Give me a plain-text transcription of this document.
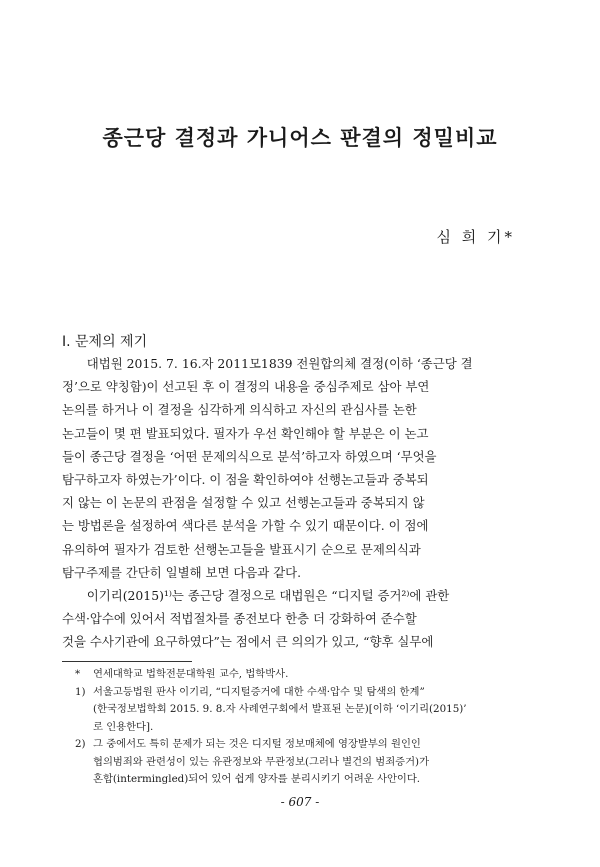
종근당 결정과 가니어스 판결의 정밀비교
심 희 기*
Ⅰ. 문제의 제기
대법원 2015. 7. 16.자 2011모1839 전원합의체 결정(이하 ‘종근당 결
정’으로 약칭함)이 선고된 후 이 결정의 내용을 중심주제로 삼아 부연
논의를 하거나 이 결정을 심각하게 의식하고 자신의 관심사를 논한
논고들이 몇 편 발표되었다. 필자가 우선 확인해야 할 부분은 이 논고
들이 종근당 결정을 ‘어떤 문제의식으로 분석’하고자 하였으며 ‘무엇을
탐구하고자 하였는가’이다. 이 점을 확인하여야 선행논고들과 중복되
지 않는 이 논문의 관점을 설정할 수 있고 선행논고들과 중복되지 않
는 방법론을 설정하여 색다른 분석을 가할 수 있기 때문이다. 이 점에
유의하여 필자가 검토한 선행논고들을 발표시기 순으로 문제의식과
탐구주제를 간단히 일별해 보면 다음과 같다.
이기리(2015)¹⁾는 종근당 결정으로 대법원은 “디지털 증거²⁾에 관한
수색·압수에 있어서 적법절차를 종전보다 한층 더 강화하여 준수할
것을 수사기관에 요구하였다”는 점에서 큰 의의가 있고, “향후 실무에
*	연세대학교 법학전문대학원 교수, 법학박사.
1) 서울고등법원 판사 이기리, “디지털증거에 대한 수색·압수 및 탐색의 한계”
(한국정보법학회 2015. 9. 8.자 사례연구회에서 발표된 논문)[이하 ‘이기리(2015)’
로 인용한다].
2) 그 중에서도 특히 문제가 되는 것은 디지털 정보매체에 영장발부의 원인인
협의범죄와 관련성이 있는 유관정보와 무관정보(그러나 별건의 범죄증거)가
혼합(intermingled)되어 있어 쉽게 양자를 분리시키기 어려운 사안이다.
- 607 -
